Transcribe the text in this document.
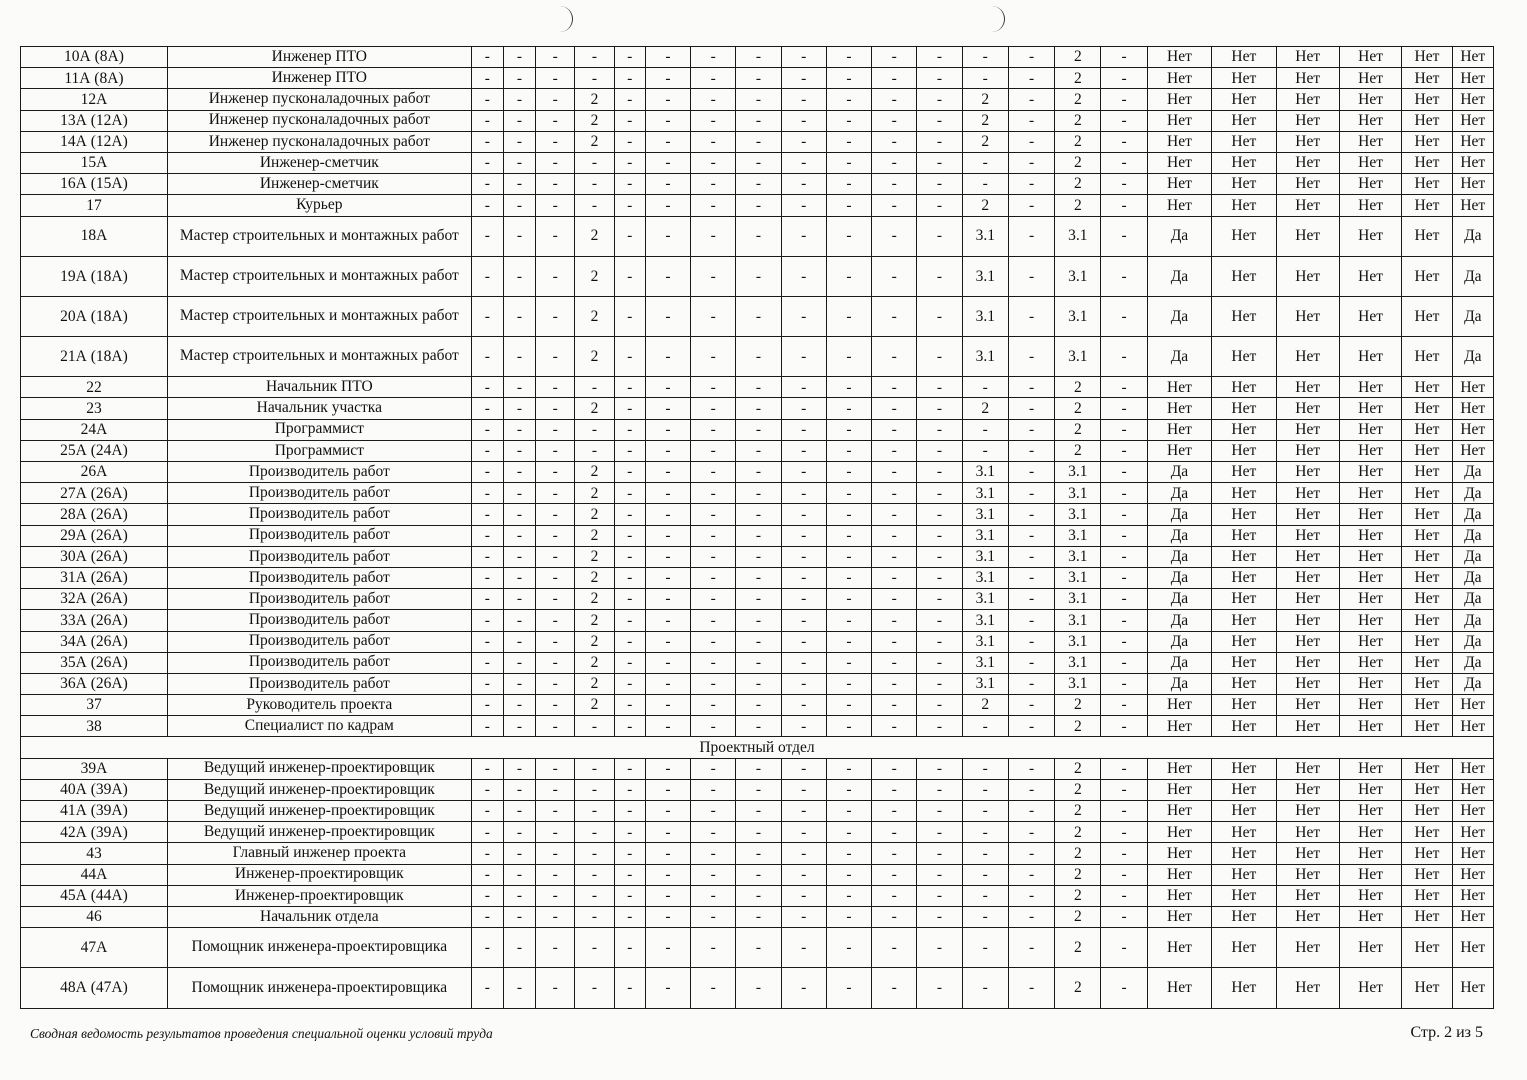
10А (8А)	Инженер ПТО	-	-	-	-	-	-	-	-	-	-	-	-	-	-	2	-	Нет	Нет	Нет	Нет	Нет	Нет
11А (8А)	Инженер ПТО	-	-	-	-	-	-	-	-	-	-	-	-	-	-	2	-	Нет	Нет	Нет	Нет	Нет	Нет
12А	Инженер пусконаладочных работ	-	-	-	2	-	-	-	-	-	-	-	-	2	-	2	-	Нет	Нет	Нет	Нет	Нет	Нет
13А (12А)	Инженер пусконаладочных работ	-	-	-	2	-	-	-	-	-	-	-	-	2	-	2	-	Нет	Нет	Нет	Нет	Нет	Нет
14А (12А)	Инженер пусконаладочных работ	-	-	-	2	-	-	-	-	-	-	-	-	2	-	2	-	Нет	Нет	Нет	Нет	Нет	Нет
15А	Инженер-сметчик	-	-	-	-	-	-	-	-	-	-	-	-	-	-	2	-	Нет	Нет	Нет	Нет	Нет	Нет
16А (15А)	Инженер-сметчик	-	-	-	-	-	-	-	-	-	-	-	-	-	-	2	-	Нет	Нет	Нет	Нет	Нет	Нет
17	Курьер	-	-	-	-	-	-	-	-	-	-	-	-	2	-	2	-	Нет	Нет	Нет	Нет	Нет	Нет
18А	Мастер строительных и монтажных работ	-	-	-	2	-	-	-	-	-	-	-	-	3.1	-	3.1	-	Да	Нет	Нет	Нет	Нет	Да
19А (18А)	Мастер строительных и монтажных работ	-	-	-	2	-	-	-	-	-	-	-	-	3.1	-	3.1	-	Да	Нет	Нет	Нет	Нет	Да
20А (18А)	Мастер строительных и монтажных работ	-	-	-	2	-	-	-	-	-	-	-	-	3.1	-	3.1	-	Да	Нет	Нет	Нет	Нет	Да
21А (18А)	Мастер строительных и монтажных работ	-	-	-	2	-	-	-	-	-	-	-	-	3.1	-	3.1	-	Да	Нет	Нет	Нет	Нет	Да
22	Начальник ПТО	-	-	-	-	-	-	-	-	-	-	-	-	-	-	2	-	Нет	Нет	Нет	Нет	Нет	Нет
23	Начальник участка	-	-	-	2	-	-	-	-	-	-	-	-	2	-	2	-	Нет	Нет	Нет	Нет	Нет	Нет
24А	Программист	-	-	-	-	-	-	-	-	-	-	-	-	-	-	2	-	Нет	Нет	Нет	Нет	Нет	Нет
25А (24А)	Программист	-	-	-	-	-	-	-	-	-	-	-	-	-	-	2	-	Нет	Нет	Нет	Нет	Нет	Нет
26А	Производитель работ	-	-	-	2	-	-	-	-	-	-	-	-	3.1	-	3.1	-	Да	Нет	Нет	Нет	Нет	Да
27А (26А)	Производитель работ	-	-	-	2	-	-	-	-	-	-	-	-	3.1	-	3.1	-	Да	Нет	Нет	Нет	Нет	Да
28А (26А)	Производитель работ	-	-	-	2	-	-	-	-	-	-	-	-	3.1	-	3.1	-	Да	Нет	Нет	Нет	Нет	Да
29А (26А)	Производитель работ	-	-	-	2	-	-	-	-	-	-	-	-	3.1	-	3.1	-	Да	Нет	Нет	Нет	Нет	Да
30А (26А)	Производитель работ	-	-	-	2	-	-	-	-	-	-	-	-	3.1	-	3.1	-	Да	Нет	Нет	Нет	Нет	Да
31А (26А)	Производитель работ	-	-	-	2	-	-	-	-	-	-	-	-	3.1	-	3.1	-	Да	Нет	Нет	Нет	Нет	Да
32А (26А)	Производитель работ	-	-	-	2	-	-	-	-	-	-	-	-	3.1	-	3.1	-	Да	Нет	Нет	Нет	Нет	Да
33А (26А)	Производитель работ	-	-	-	2	-	-	-	-	-	-	-	-	3.1	-	3.1	-	Да	Нет	Нет	Нет	Нет	Да
34А (26А)	Производитель работ	-	-	-	2	-	-	-	-	-	-	-	-	3.1	-	3.1	-	Да	Нет	Нет	Нет	Нет	Да
35А (26А)	Производитель работ	-	-	-	2	-	-	-	-	-	-	-	-	3.1	-	3.1	-	Да	Нет	Нет	Нет	Нет	Да
36А (26А)	Производитель работ	-	-	-	2	-	-	-	-	-	-	-	-	3.1	-	3.1	-	Да	Нет	Нет	Нет	Нет	Да
37	Руководитель проекта	-	-	-	2	-	-	-	-	-	-	-	-	2	-	2	-	Нет	Нет	Нет	Нет	Нет	Нет
38	Специалист по кадрам	-	-	-	-	-	-	-	-	-	-	-	-	-	-	2	-	Нет	Нет	Нет	Нет	Нет	Нет
Проектный отдел																							
39А	Ведущий инженер-проектировщик	-	-	-	-	-	-	-	-	-	-	-	-	-	-	2	-	Нет	Нет	Нет	Нет	Нет	Нет
40А (39А)	Ведущий инженер-проектировщик	-	-	-	-	-	-	-	-	-	-	-	-	-	-	2	-	Нет	Нет	Нет	Нет	Нет	Нет
41А (39А)	Ведущий инженер-проектировщик	-	-	-	-	-	-	-	-	-	-	-	-	-	-	2	-	Нет	Нет	Нет	Нет	Нет	Нет
42А (39А)	Ведущий инженер-проектировщик	-	-	-	-	-	-	-	-	-	-	-	-	-	-	2	-	Нет	Нет	Нет	Нет	Нет	Нет
43	Главный инженер проекта	-	-	-	-	-	-	-	-	-	-	-	-	-	-	2	-	Нет	Нет	Нет	Нет	Нет	Нет
44А	Инженер-проектировщик	-	-	-	-	-	-	-	-	-	-	-	-	-	-	2	-	Нет	Нет	Нет	Нет	Нет	Нет
45А (44А)	Инженер-проектировщик	-	-	-	-	-	-	-	-	-	-	-	-	-	-	2	-	Нет	Нет	Нет	Нет	Нет	Нет
46	Начальник отдела	-	-	-	-	-	-	-	-	-	-	-	-	-	-	2	-	Нет	Нет	Нет	Нет	Нет	Нет
47А	Помощник инженера-проектировщика	-	-	-	-	-	-	-	-	-	-	-	-	-	-	2	-	Нет	Нет	Нет	Нет	Нет	Нет
48А (47А)	Помощник инженера-проектировщика	-	-	-	-	-	-	-	-	-	-	-	-	-	-	2	-	Нет	Нет	Нет	Нет	Нет	Нет
Сводная ведомость результатов проведения специальной оценки условий труда	Стр. 2 из 5
